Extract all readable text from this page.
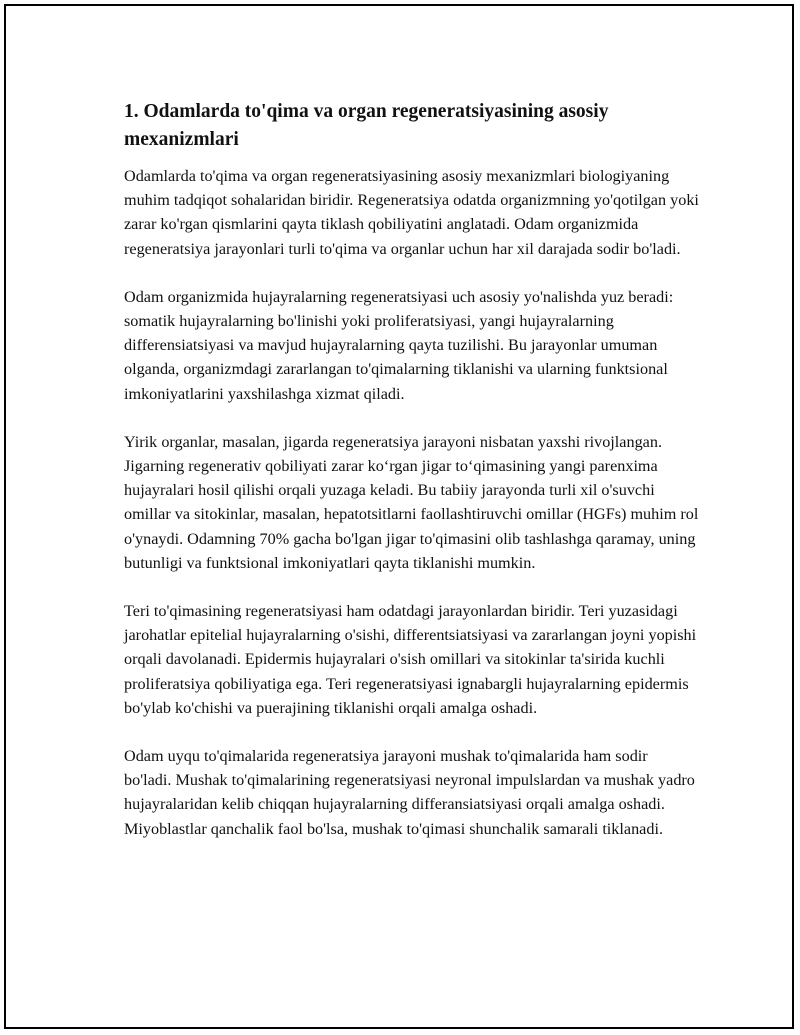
1. Odamlarda to'qima va organ regeneratsiyasining asosiy mexanizmlari

Odamlarda to'qima va organ regeneratsiyasining asosiy mexanizmlari biologiyaning muhim tadqiqot sohalaridan biridir. Regeneratsiya odatda organizmning yo'qotilgan yoki zarar ko'rgan qismlarini qayta tiklash qobiliyatini anglatadi. Odam organizmida regeneratsiya jarayonlari turli to'qima va organlar uchun har xil darajada sodir bo'ladi.

Odam organizmida hujayralarning regeneratsiyasi uch asosiy yo'nalishda yuz beradi: somatik hujayralarning bo'linishi yoki proliferatsiyasi, yangi hujayralarning differensiatsiyasi va mavjud hujayralarning qayta tuzilishi. Bu jarayonlar umuman olganda, organizmdagi zararlangan to'qimalarning tiklanishi va ularning funktsional imkoniyatlarini yaxshilashga xizmat qiladi.

Yirik organlar, masalan, jigarda regeneratsiya jarayoni nisbatan yaxshi rivojlangan. Jigarning regenerativ qobiliyati zarar ko‘rgan jigar to‘qimasining yangi parenxima hujayralari hosil qilishi orqali yuzaga keladi. Bu tabiiy jarayonda turli xil o'suvchi omillar va sitokinlar, masalan, hepatotsitlarni faollashtiruvchi omillar (HGFs) muhim rol o'ynaydi. Odamning 70% gacha bo'lgan jigar to'qimasini olib tashlashga qaramay, uning butunligi va funktsional imkoniyatlari qayta tiklanishi mumkin.

Teri to'qimasining regeneratsiyasi ham odatdagi jarayonlardan biridir. Teri yuzasidagi jarohatlar epitelial hujayralarning o'sishi, differentsiatsiyasi va zararlangan joyni yopishi orqali davolanadi. Epidermis hujayralari o'sish omillari va sitokinlar ta'sirida kuchli proliferatsiya qobiliyatiga ega. Teri regeneratsiyasi ignabargli hujayralarning epidermis bo'ylab ko'chishi va puerajining tiklanishi orqali amalga oshadi.

Odam uyqu to'qimalarida regeneratsiya jarayoni mushak to'qimalarida ham sodir bo'ladi. Mushak to'qimalarining regeneratsiyasi neyronal impulslardan va mushak yadro hujayralaridan kelib chiqqan hujayralarning differansiatsiyasi orqali amalga oshadi. Miyoblastlar qanchalik faol bo'lsa, mushak to'qimasi shunchalik samarali tiklanadi.
